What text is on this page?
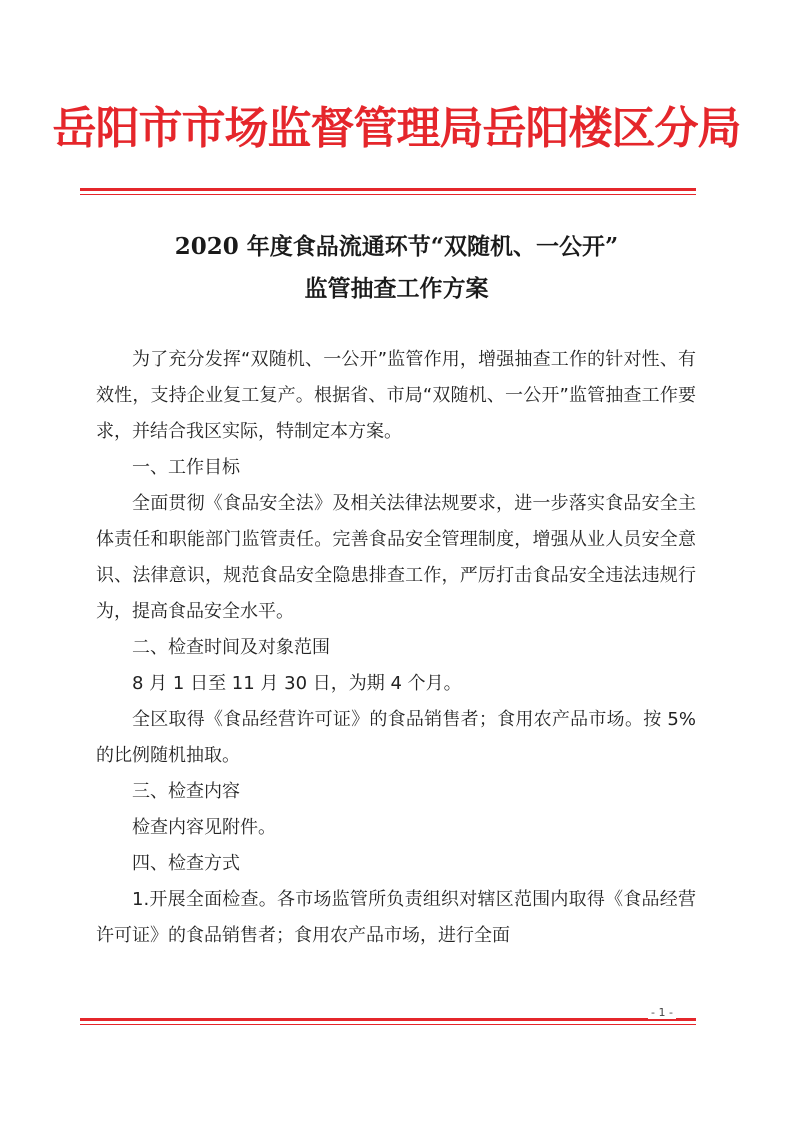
岳阳市市场监督管理局岳阳楼区分局
2020 年度食品流通环节“双随机、一公开”
监管抽查工作方案

为了充分发挥“双随机、一公开”监管作用，增强抽查工作的针对性、有效性，支持企业复工复产。根据省、市局“双随机、一公开”监管抽查工作要求，并结合我区实际，特制定本方案。

一、工作目标

全面贯彻《食品安全法》及相关法律法规要求，进一步落实食品安全主体责任和职能部门监管责任。完善食品安全管理制度，增强从业人员安全意识、法律意识，规范食品安全隐患排查工作，严厉打击食品安全违法违规行为，提高食品安全水平。

二、检查时间及对象范围

8 月 1 日至 11 月 30 日，为期 4 个月。

全区取得《食品经营许可证》的食品销售者；食用农产品市场。按 5%的比例随机抽取。

三、检查内容

检查内容见附件。

四、检查方式

1.开展全面检查。各市场监管所负责组织对辖区范围内取得《食品经营许可证》的食品销售者；食用农产品市场，进行全面

- 1 -
